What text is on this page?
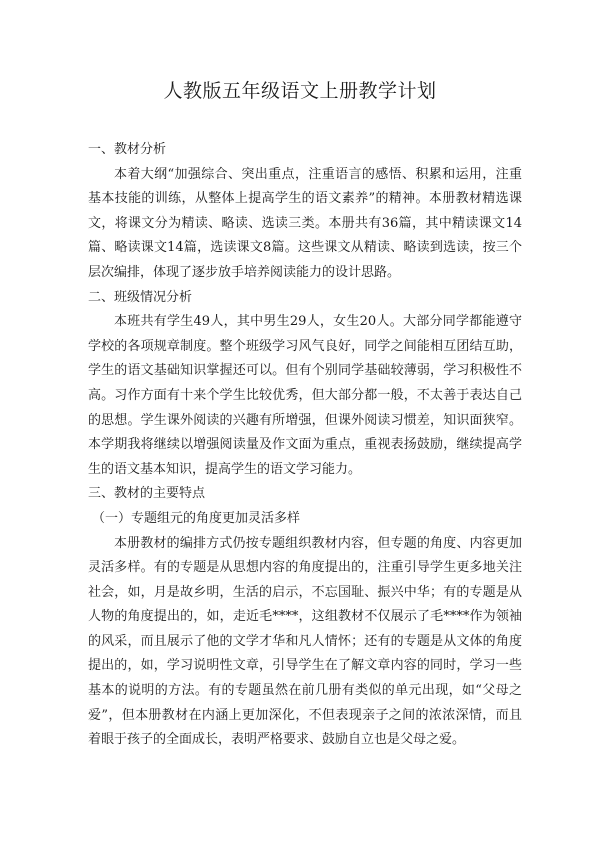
人教版五年级语文上册教学计划

一、教材分析

本着大纲“加强综合、突出重点，注重语言的感悟、积累和运用，注重基本技能的训练，从整体上提高学生的语文素养”的精神。本册教材精选课文，将课文分为精读、略读、选读三类。本册共有36篇，其中精读课文14篇、略读课文14篇，选读课文8篇。这些课文从精读、略读到选读，按三个层次编排，体现了逐步放手培养阅读能力的设计思路。

二、班级情况分析

本班共有学生49人，其中男生29人，女生20人。大部分同学都能遵守学校的各项规章制度。整个班级学习风气良好，同学之间能相互团结互助，学生的语文基础知识掌握还可以。但有个别同学基础较薄弱，学习积极性不高。习作方面有十来个学生比较优秀，但大部分都一般，不太善于表达自己的思想。学生课外阅读的兴趣有所增强，但课外阅读习惯差，知识面狭窄。本学期我将继续以增强阅读量及作文面为重点，重视表扬鼓励，继续提高学生的语文基本知识，提高学生的语文学习能力。

三、教材的主要特点

（一）专题组元的角度更加灵活多样

本册教材的编排方式仍按专题组织教材内容，但专题的角度、内容更加灵活多样。有的专题是从思想内容的角度提出的，注重引导学生更多地关注社会，如，月是故乡明，生活的启示，不忘国耻、振兴中华；有的专题是从人物的角度提出的，如，走近毛****，这组教材不仅展示了毛****作为领袖的风采，而且展示了他的文学才华和凡人情怀；还有的专题是从文体的角度提出的，如，学习说明性文章，引导学生在了解文章内容的同时，学习一些基本的说明的方法。有的专题虽然在前几册有类似的单元出现，如“父母之爱”，但本册教材在内涵上更加深化，不但表现亲子之间的浓浓深情，而且着眼于孩子的全面成长，表明严格要求、鼓励自立也是父母之爱。
